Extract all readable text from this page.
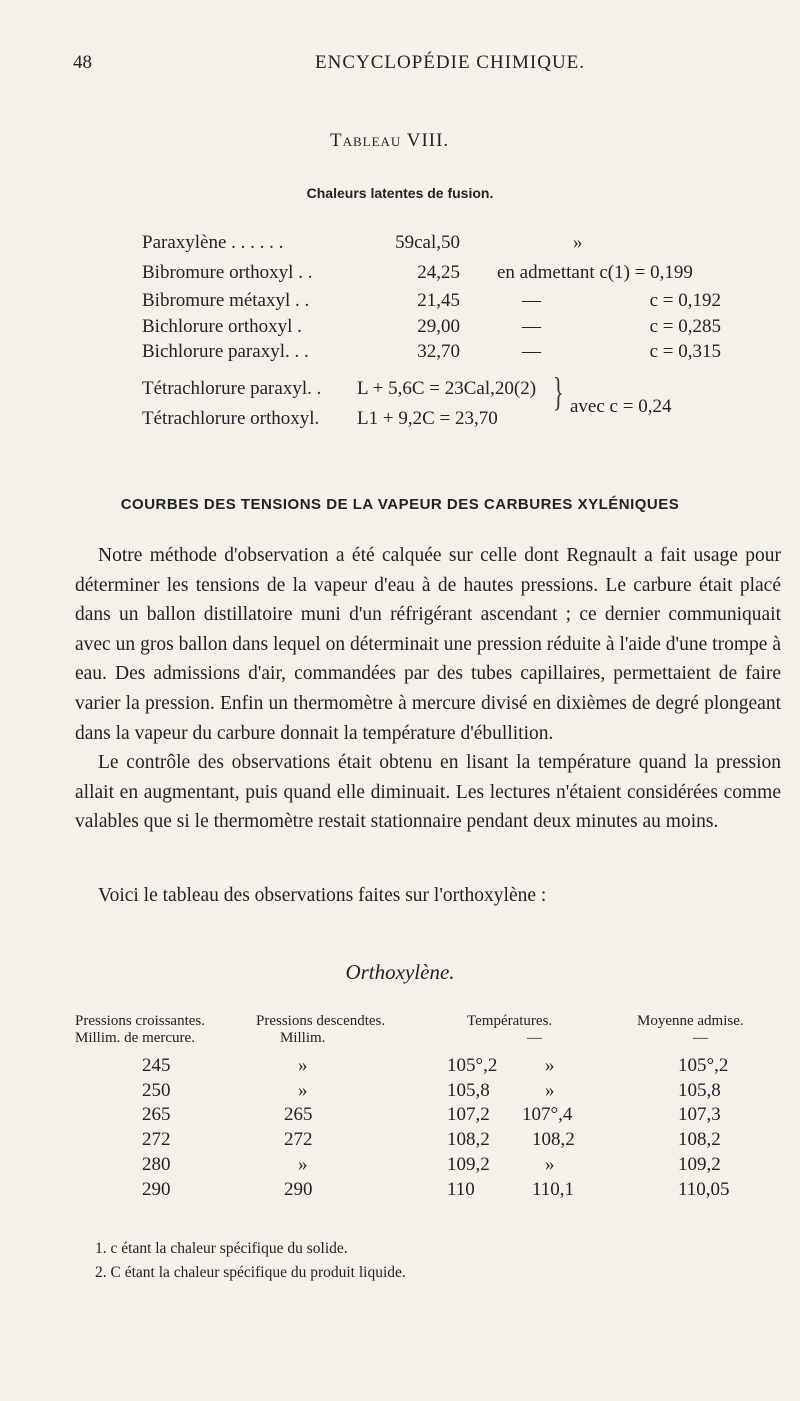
48	ENCYCLOPÉDIE CHIMIQUE.
Tableau VIII.
Chaleurs latentes de fusion.
Paraxylène . . . . . .	59cal,50	»
Bibromure orthoxyl . .	24,25 en admettant c(1) = 0,199
Bibromure métaxyl . .	21,45	—	c = 0,192
Bichlorure orthoxyl .	29,00	—	c = 0,285
Bichlorure paraxyl. . .	32,70	—	c = 0,315
Tétrachlorure paraxyl. . L + 5,6C = 23Cal,20(2)
Tétrachlorure orthoxyl. L1 + 9,2C = 23,70
} avec c = 0,24
COURBES DES TENSIONS DE LA VAPEUR DES CARBURES XYLÉNIQUES

Notre méthode d'observation a été calquée sur celle dont Regnault a fait usage pour déterminer les tensions de la vapeur d'eau à de hautes pressions. Le carbure était placé dans un ballon distillatoire muni d'un réfrigérant ascendant ; ce dernier communiquait avec un gros ballon dans lequel on déterminait une pression réduite à l'aide d'une trompe à eau. Des admissions d'air, commandées par des tubes capillaires, permettaient de faire varier la pression. Enfin un thermomètre à mercure divisé en dixièmes de degré plongeant dans la vapeur du carbure donnait la température d'ébullition.

Le contrôle des observations était obtenu en lisant la température quand la pression allait en augmentant, puis quand elle diminuait. Les lectures n'étaient considérées comme valables que si le thermomètre restait stationnaire pendant deux minutes au moins.

Voici le tableau des observations faites sur l'orthoxylène :
Orthoxylène.
Pressions croissantes.
Millim. de mercure.
Pressions descendtes.
Millim.
Températures.
—
Moyenne admise.
—
245	»	105°,2	»	105°,2
250	»	105,8	»	105,8
265	265	107,2 107°,4	107,3
272	272	108,2 108,2	108,2
280	»	109,2	»	109,2
290	290	110	110,1	110,05
1. c étant la chaleur spécifique du solide.
2. C étant la chaleur spécifique du produit liquide.
